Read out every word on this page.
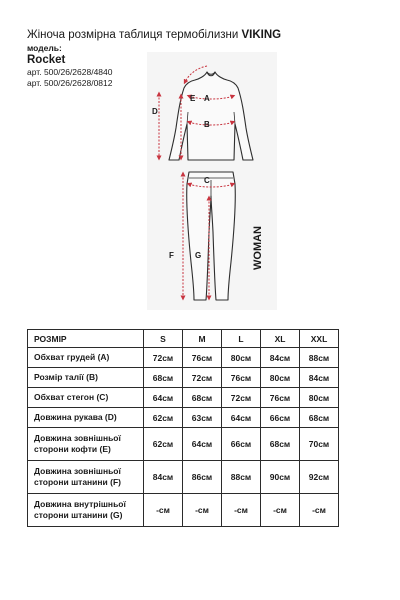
Жіноча розмірна таблиця термобілизни VIKING
модель:
Rocket
арт. 500/26/2628/4840
арт. 500/26/2628/0812
A
B
C
D
E
F	G	WOMAN
РОЗМІР	S	M	L	XL	XXL
Обхват грудей (A)	72см	76см	80см	84см	88см
Розмір талії (B)	68см	72см	76см	80см	84см
Обхват стегон (C)	64см	68см	72см	76см	80см
Довжина рукава (D)	62см	63см	64см	66см	68см
Довжина зовнішньої сторони кофти (E)	62см	64см	66см	68см	70см
Довжина зовнішньої сторони штанини (F)	84см	86см	88см	90см	92см
Довжина внутрішньої сторони штанини (G)	-см	-см	-см	-см	-см
